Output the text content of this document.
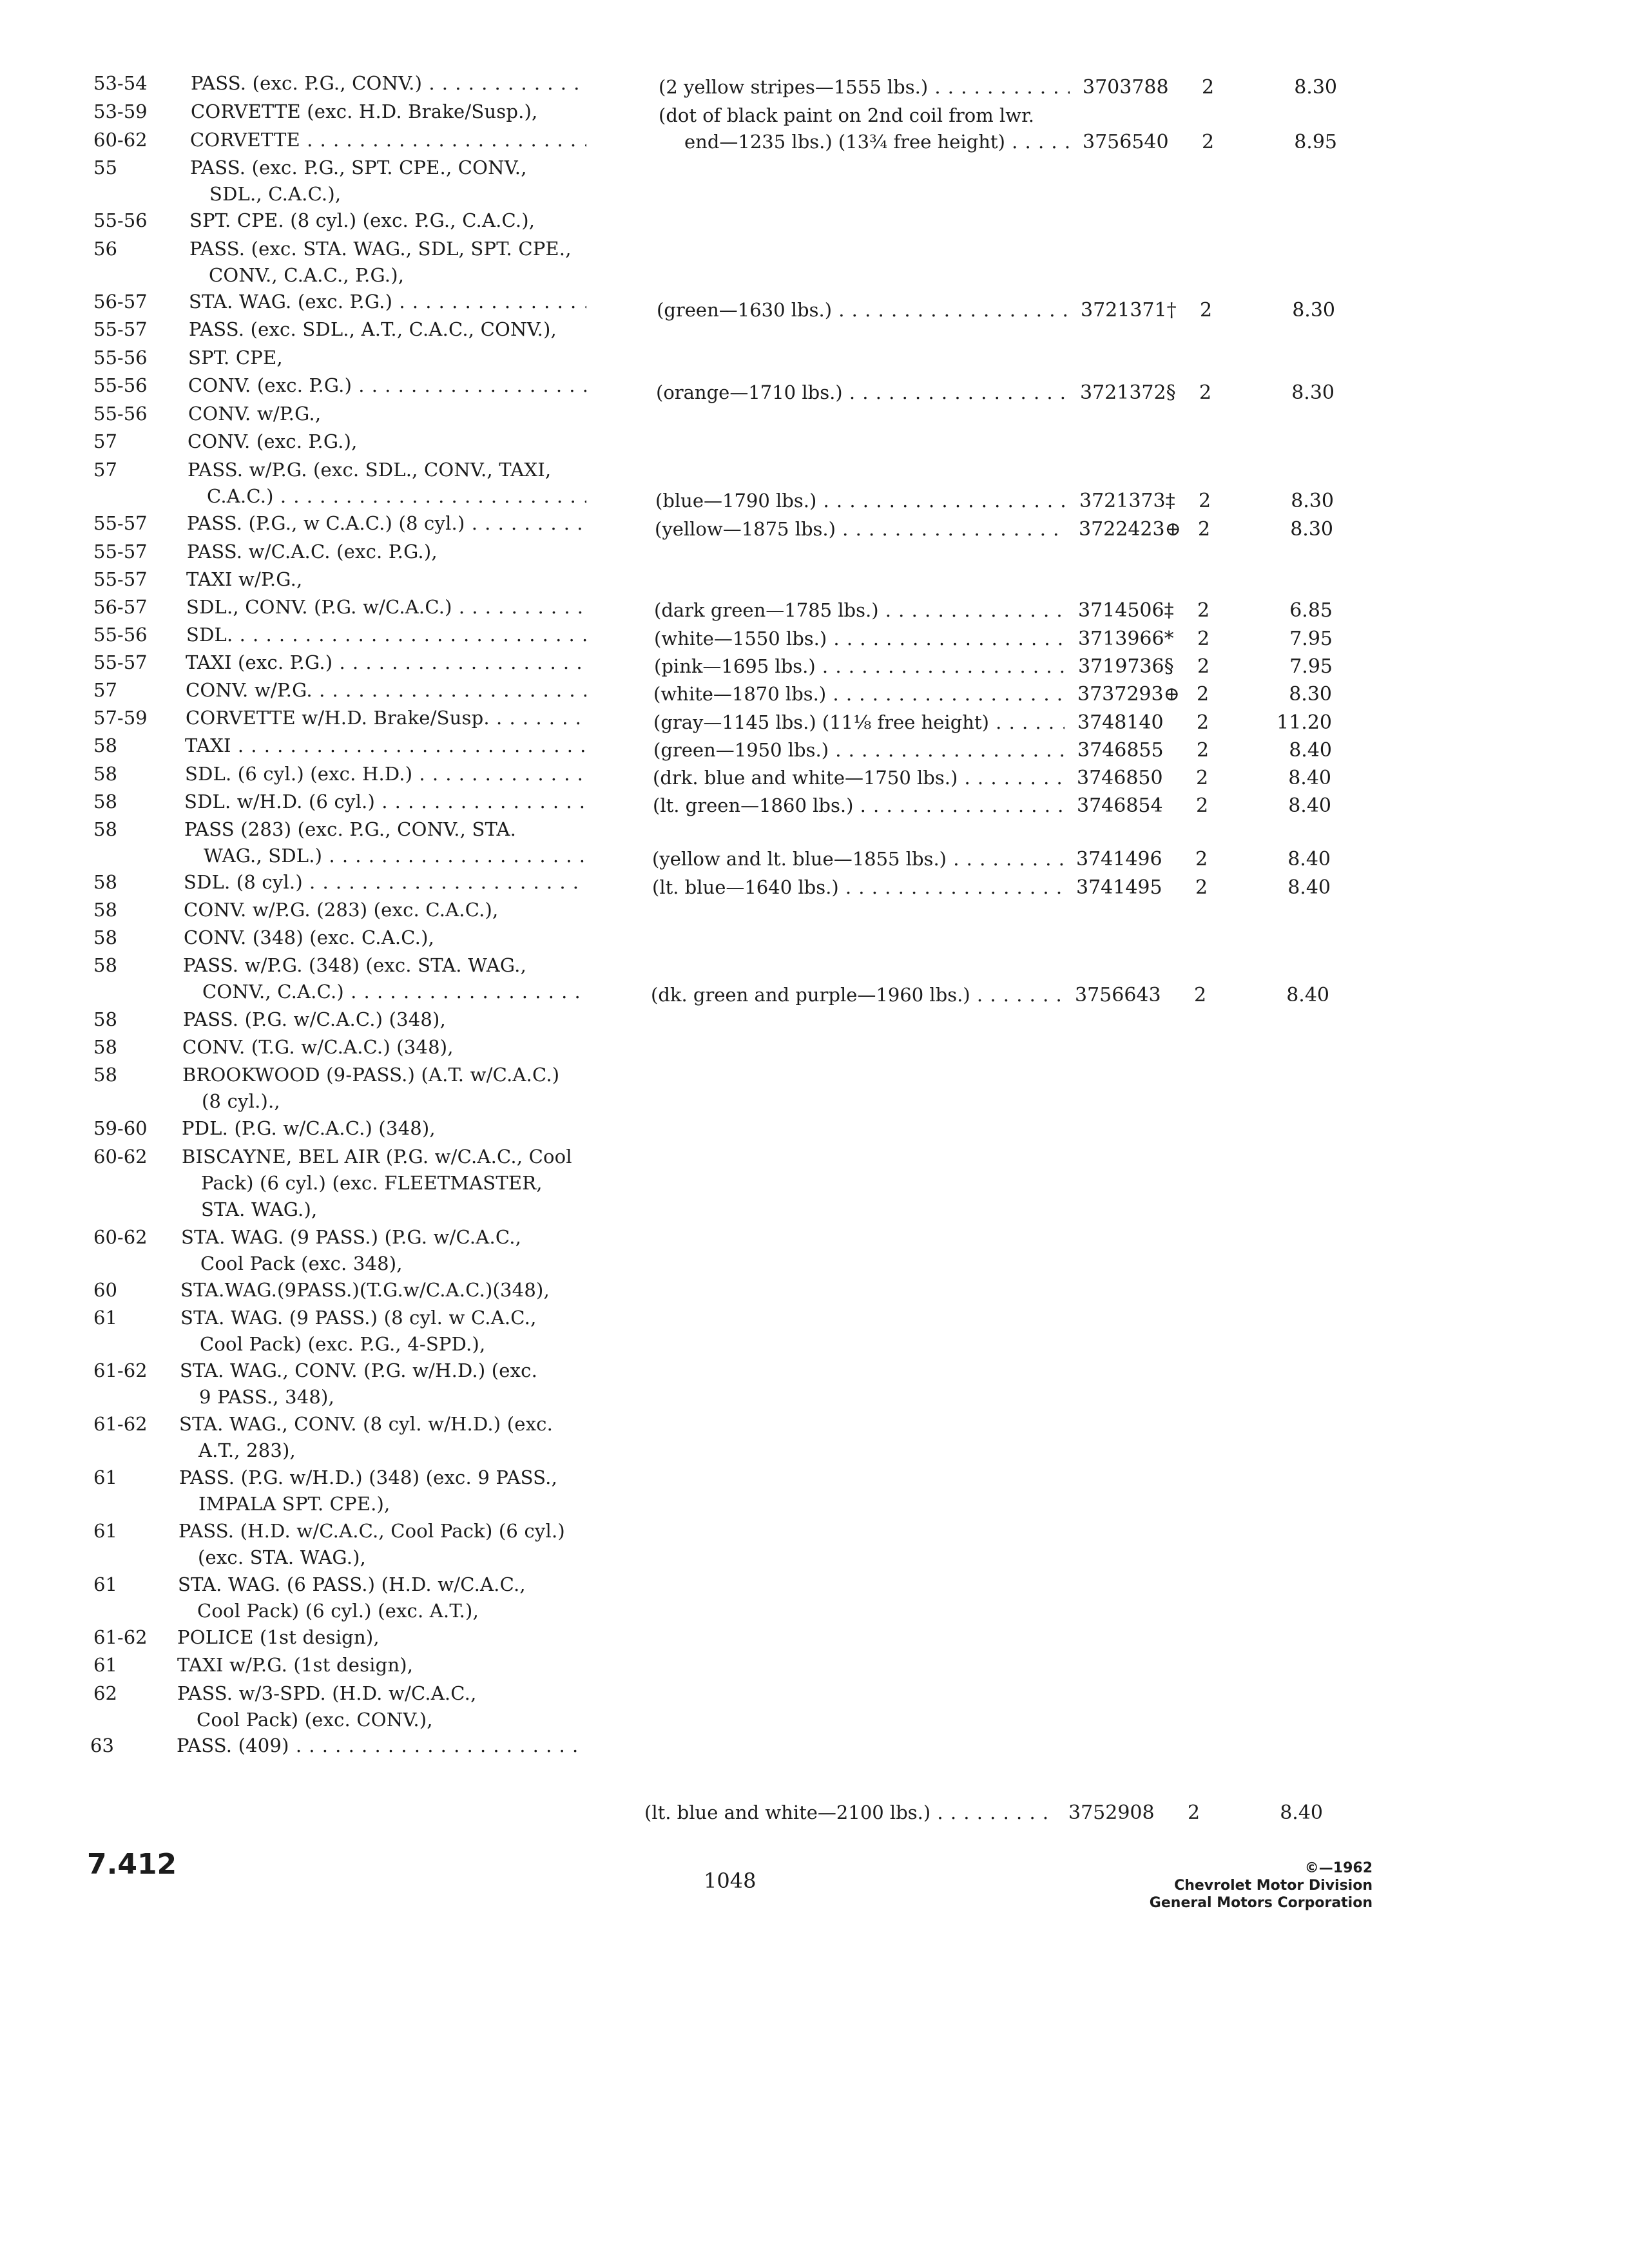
53-54 PASS. (exc. P.G., CONV.) . . .
53-59 CORVETTE (exc. H.D. Brake/Susp.),
60-62 CORVETTE . . .
55	PASS. (exc. P.G., SPT. CPE., CONV.,
SDL., C.A.C.),
55-56 SPT. CPE. (8 cyl.) (exc. P.G., C.A.C.),
56	PASS. (exc. STA. WAG., SDL, SPT. CPE.,
CONV., C.A.C., P.G.),
56-57 STA. WAG. (exc. P.G.) . . .
55-57 PASS. (exc. SDL., A.T., C.A.C., CONV.),
55-56 SPT. CPE,
55-56 CONV. (exc. P.G.) . . .
55-56 CONV. w/P.G.,
57	CONV. (exc. P.G.),
57	PASS. w/P.G. (exc. SDL., CONV., TAXI,
C.A.C.) . . .
55-57 PASS. (P.G., w C.A.C.) (8 cyl.) . . .
55-57 PASS. w/C.A.C. (exc. P.G.),
55-57 TAXI w/P.G.,
56-57 SDL., CONV. (P.G. w/C.A.C.) . . .
55-56 SDL. . . .
55-57 TAXI (exc. P.G.) . . .
57	CONV. w/P.G. . . .
57-59 CORVETTE w/H.D. Brake/Susp. . . .
58	TAXI . . .
58	SDL. (6 cyl.) (exc. H.D.) . . .
58	SDL. w/H.D. (6 cyl.) . . .
58	PASS (283) (exc. P.G., CONV., STA.
WAG., SDL.) . . .
58	SDL. (8 cyl.) . . .
58	CONV. w/P.G. (283) (exc. C.A.C.),
58	CONV. (348) (exc. C.A.C.),
58	PASS. w/P.G. (348) (exc. STA. WAG.,
CONV., C.A.C.) . . .
58	PASS. (P.G. w/C.A.C.) (348),
58	CONV. (T.G. w/C.A.C.) (348),
58	BROOKWOOD (9-PASS.) (A.T. w/C.A.C.)
(8 cyl.).,
59-60 PDL. (P.G. w/C.A.C.) (348),
60-62 BISCAYNE, BEL AIR (P.G. w/C.A.C., Cool
Pack) (6 cyl.) (exc. FLEETMASTER,
STA. WAG.),
60-62 STA. WAG. (9 PASS.) (P.G. w/C.A.C.,
Cool Pack (exc. 348),
60	STA.WAG.(9PASS.)(T.G.w/C.A.C.)(348),
61	STA. WAG. (9 PASS.) (8 cyl. w C.A.C.,
Cool Pack) (exc. P.G., 4-SPD.),
61-62 STA. WAG., CONV. (P.G. w/H.D.) (exc.
9 PASS., 348),
61-62 STA. WAG., CONV. (8 cyl. w/H.D.) (exc.
A.T., 283),
61	PASS. (P.G. w/H.D.) (348) (exc. 9 PASS.,
IMPALA SPT. CPE.),
61	PASS. (H.D. w/C.A.C., Cool Pack) (6 cyl.)
(exc. STA. WAG.),
61	STA. WAG. (6 PASS.) (H.D. w/C.A.C.,
Cool Pack) (6 cyl.) (exc. A.T.),
61-62 POLICE (1st design),
61	TAXI w/P.G. (1st design),
62	PASS. w/3-SPD. (H.D. w/C.A.C.,
Cool Pack) (exc. CONV.),
63	PASS. (409) . . .
(2 yellow stripes—1555 lbs.) . . .	3703788 2	8.30
(dot of black paint on 2nd coil from lwr.
end—1235 lbs.) (13¾ free height) . . .	3756540 2	8.95
(green—1630 lbs.) . . .	3721371† 2	8.30
(orange—1710 lbs.) . . .	3721372§ 2	8.30
(blue—1790 lbs.) . . .	3721373‡ 2	8.30
(yellow—1875 lbs.) . . .	3722423⊕ 2	8.30
(dark green—1785 lbs.) . . .	3714506‡ 2	6.85
(white—1550 lbs.) . . .	3713966* 2	7.95
(pink—1695 lbs.) . . .	3719736§ 2	7.95
(white—1870 lbs.) . . .	3737293⊕ 2	8.30
(gray—1145 lbs.) (11⅛ free height) . . .	3748140 2	11.20
(green—1950 lbs.) . . .	3746855 2	8.40
(drk. blue and white—1750 lbs.) . . .	3746850 2	8.40
(lt. green—1860 lbs.) . . .	3746854 2	8.40
(yellow and lt. blue—1855 lbs.) . . .	3741496 2	8.40
(lt. blue—1640 lbs.) . . .	3741495 2	8.40
(dk. green and purple—1960 lbs.) . . .	3756643 2	8.40
(lt. blue and white—2100 lbs.) . . .	3752908 2	8.40
7.412	1048
©—1962
Chevrolet Motor Division
General Motors Corporation
